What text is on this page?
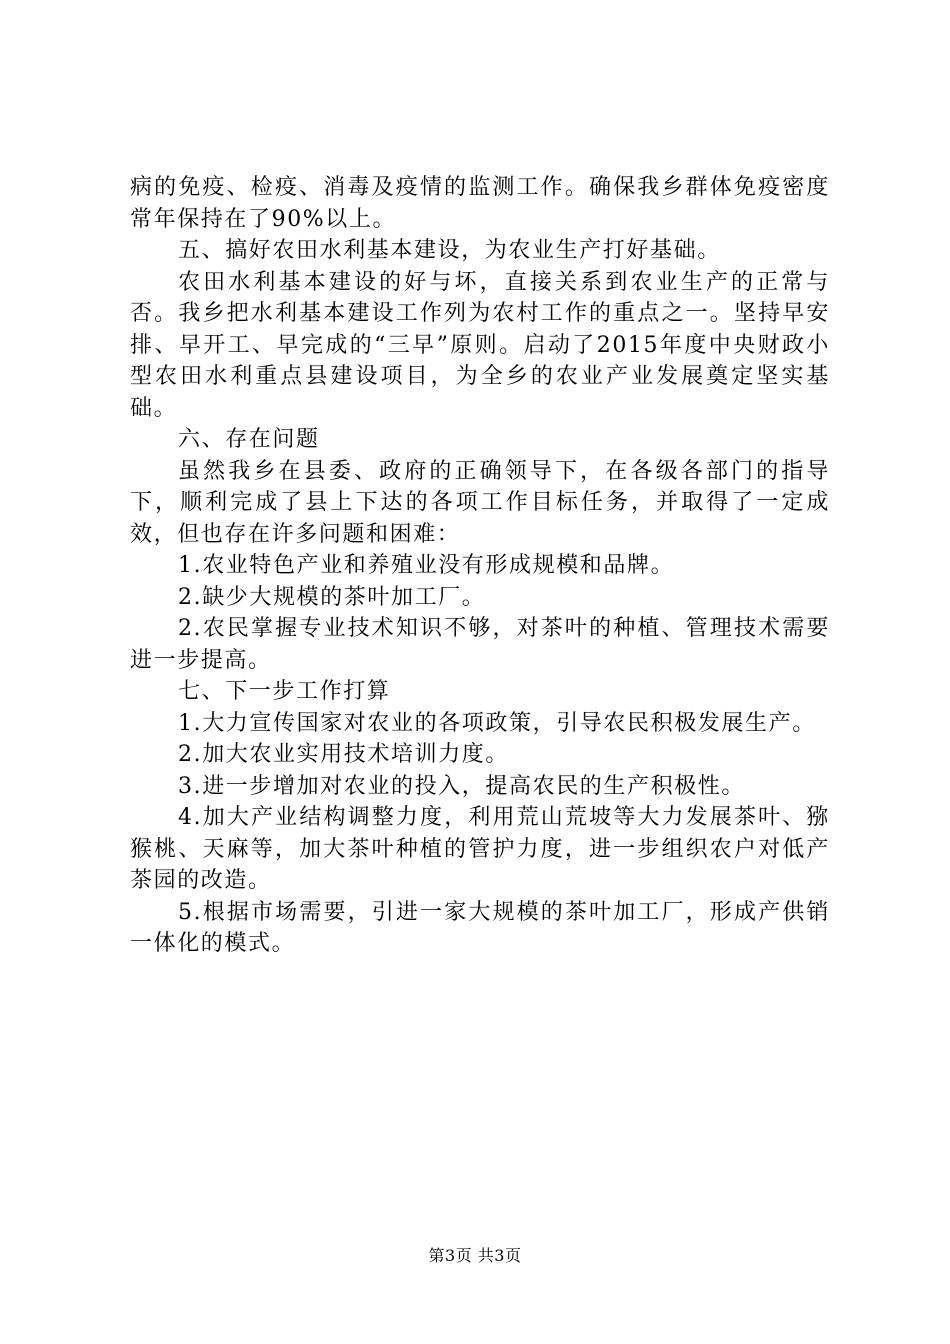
病的免疫、检疫、消毒及疫情的监测工作。确保我乡群体免疫密度常年保持在了90%以上。

五、搞好农田水利基本建设，为农业生产打好基础。

农田水利基本建设的好与坏，直接关系到农业生产的正常与否。我乡把水利基本建设工作列为农村工作的重点之一。坚持早安排、早开工、早完成的“三早”原则。启动了2015年度中央财政小型农田水利重点县建设项目，为全乡的农业产业发展奠定坚实基础。

六、存在问题

虽然我乡在县委、政府的正确领导下，在各级各部门的指导下，顺利完成了县上下达的各项工作目标任务，并取得了一定成效，但也存在许多问题和困难：

1.农业特色产业和养殖业没有形成规模和品牌。

2.缺少大规模的茶叶加工厂。

2.农民掌握专业技术知识不够，对茶叶的种植、管理技术需要进一步提高。

七、下一步工作打算

1.大力宣传国家对农业的各项政策，引导农民积极发展生产。

2.加大农业实用技术培训力度。

3.进一步增加对农业的投入，提高农民的生产积极性。

4.加大产业结构调整力度，利用荒山荒坡等大力发展茶叶、猕猴桃、天麻等，加大茶叶种植的管护力度，进一步组织农户对低产茶园的改造。

5.根据市场需要，引进一家大规模的茶叶加工厂，形成产供销一体化的模式。

第3页 共3页
